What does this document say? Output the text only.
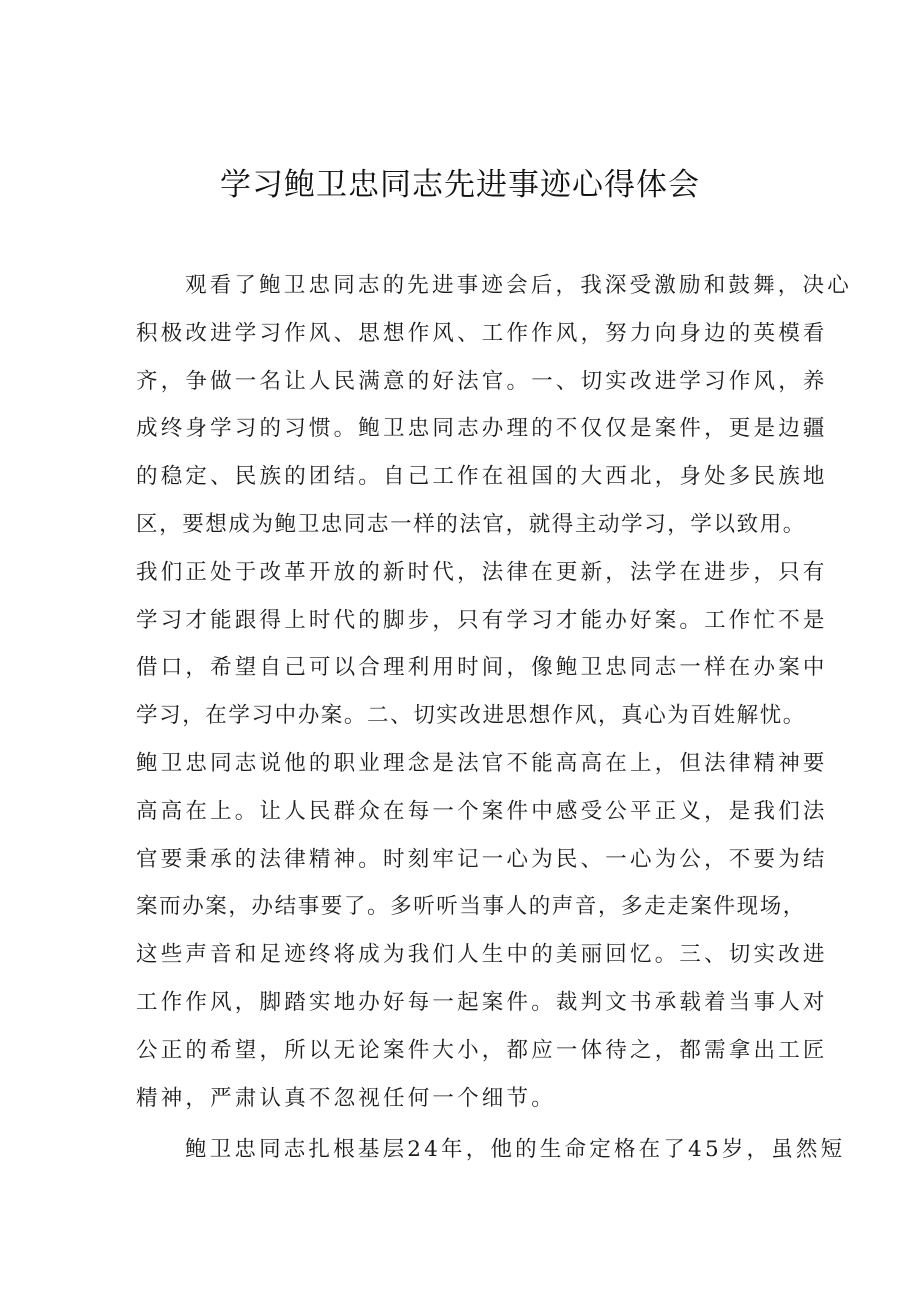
学习鲍卫忠同志先进事迹心得体会
观看了鲍卫忠同志的先进事迹会后，我深受激励和鼓舞，决心
积极改进学习作风、思想作风、工作作风，努力向身边的英模看
齐，争做一名让人民满意的好法官。一、切实改进学习作风，养
成终身学习的习惯。鲍卫忠同志办理的不仅仅是案件，更是边疆
的稳定、民族的团结。自己工作在祖国的大西北，身处多民族地
区，要想成为鲍卫忠同志一样的法官，就得主动学习，学以致用。
我们正处于改革开放的新时代，法律在更新，法学在进步，只有
学习才能跟得上时代的脚步，只有学习才能办好案。工作忙不是
借口，希望自己可以合理利用时间，像鲍卫忠同志一样在办案中
学习，在学习中办案。二、切实改进思想作风，真心为百姓解忧。
鲍卫忠同志说他的职业理念是法官不能高高在上，但法律精神要
高高在上。让人民群众在每一个案件中感受公平正义，是我们法
官要秉承的法律精神。时刻牢记一心为民、一心为公，不要为结
案而办案，办结事要了。多听听当事人的声音，多走走案件现场，
这些声音和足迹终将成为我们人生中的美丽回忆。三、切实改进
工作作风，脚踏实地办好每一起案件。裁判文书承载着当事人对
公正的希望，所以无论案件大小，都应一体待之，都需拿出工匠
精神，严肃认真不忽视任何一个细节。
鲍卫忠同志扎根基层24年，他的生命定格在了45岁，虽然短
